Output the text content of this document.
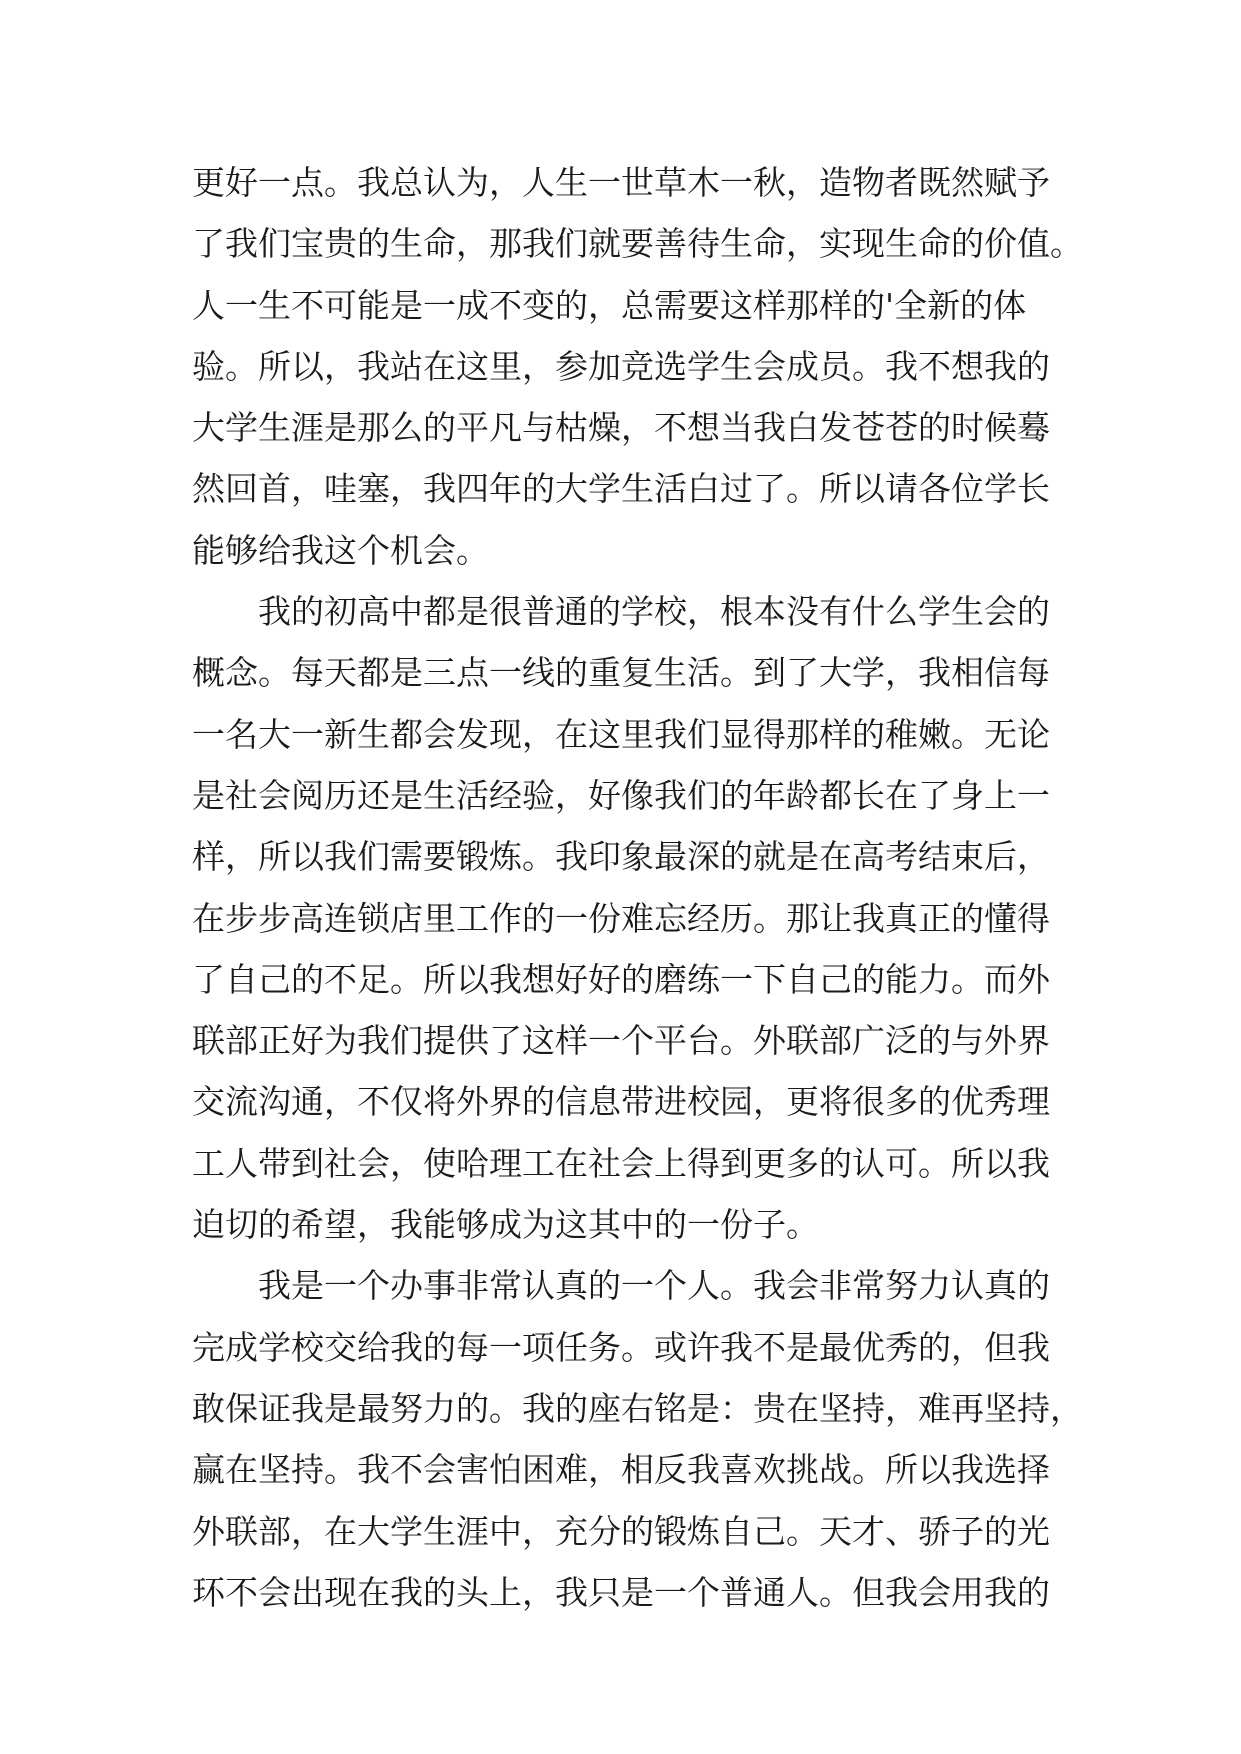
更好一点。我总认为，人生一世草木一秋，造物者既然赋予
了我们宝贵的生命，那我们就要善待生命，实现生命的价值。
人一生不可能是一成不变的，总需要这样那样的'全新的体
验。所以，我站在这里，参加竞选学生会成员。我不想我的
大学生涯是那么的平凡与枯燥，不想当我白发苍苍的时候蓦
然回首，哇塞，我四年的大学生活白过了。所以请各位学长
能够给我这个机会。
我的初高中都是很普通的学校，根本没有什么学生会的
概念。每天都是三点一线的重复生活。到了大学，我相信每
一名大一新生都会发现，在这里我们显得那样的稚嫩。无论
是社会阅历还是生活经验，好像我们的年龄都长在了身上一
样，所以我们需要锻炼。我印象最深的就是在高考结束后，
在步步高连锁店里工作的一份难忘经历。那让我真正的懂得
了自己的不足。所以我想好好的磨练一下自己的能力。而外
联部正好为我们提供了这样一个平台。外联部广泛的与外界
交流沟通，不仅将外界的信息带进校园，更将很多的优秀理
工人带到社会，使哈理工在社会上得到更多的认可。所以我
迫切的希望，我能够成为这其中的一份子。
我是一个办事非常认真的一个人。我会非常努力认真的
完成学校交给我的每一项任务。或许我不是最优秀的，但我
敢保证我是最努力的。我的座右铭是：贵在坚持，难再坚持，
赢在坚持。我不会害怕困难，相反我喜欢挑战。所以我选择
外联部，在大学生涯中，充分的锻炼自己。天才、骄子的光
环不会出现在我的头上，我只是一个普通人。但我会用我的
